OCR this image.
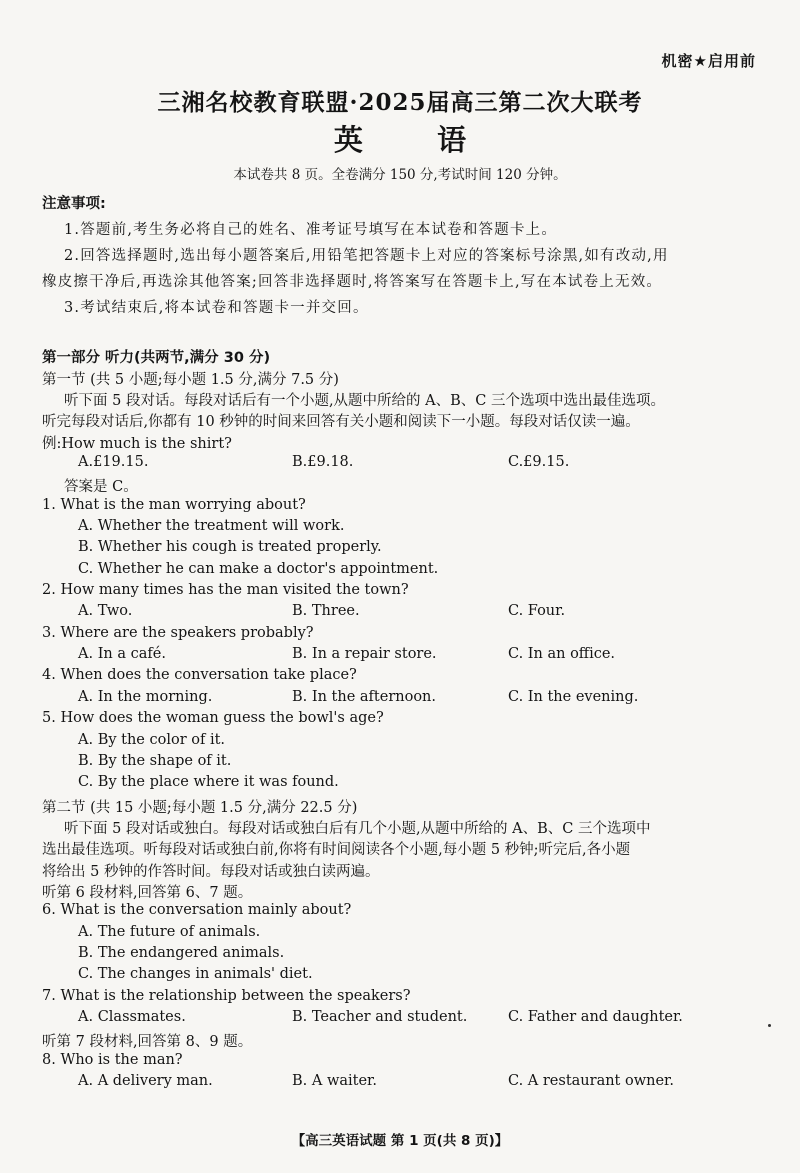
机密★启用前
三湘名校教育联盟·2025届高三第二次大联考
英  语
本试卷共 8 页。全卷满分 150 分,考试时间 120 分钟。
注意事项:
1.答题前,考生务必将自己的姓名、准考证号填写在本试卷和答题卡上。
2.回答选择题时,选出每小题答案后,用铅笔把答题卡上对应的答案标号涂黑,如有改动,用
橡皮擦干净后,再选涂其他答案;回答非选择题时,将答案写在答题卡上,写在本试卷上无效。
3.考试结束后,将本试卷和答题卡一并交回。
第一部分 听力(共两节,满分 30 分)
第一节 (共 5 小题;每小题 1.5 分,满分 7.5 分)
听下面 5 段对话。每段对话后有一个小题,从题中所给的 A、B、C 三个选项中选出最佳选项。
听完每段对话后,你都有 10 秒钟的时间来回答有关小题和阅读下一小题。每段对话仅读一遍。
例:How much is the shirt?
A.£19.15.	B.£9.18.	C.£9.15.
答案是 C。
1. What is the man worrying about?
A. Whether the treatment will work.
B. Whether his cough is treated properly.
C. Whether he can make a doctor's appointment.
2. How many times has the man visited the town?
A. Two.	B. Three.	C. Four.
3. Where are the speakers probably?
A. In a café.	B. In a repair store.	C. In an office.
4. When does the conversation take place?
A. In the morning.	B. In the afternoon.	C. In the evening.
5. How does the woman guess the bowl's age?
A. By the color of it.
B. By the shape of it.
C. By the place where it was found.
第二节 (共 15 小题;每小题 1.5 分,满分 22.5 分)
听下面 5 段对话或独白。每段对话或独白后有几个小题,从题中所给的 A、B、C 三个选项中
选出最佳选项。听每段对话或独白前,你将有时间阅读各个小题,每小题 5 秒钟;听完后,各小题
将给出 5 秒钟的作答时间。每段对话或独白读两遍。
听第 6 段材料,回答第 6、7 题。
6. What is the conversation mainly about?
A. The future of animals.
B. The endangered animals.
C. The changes in animals' diet.
7. What is the relationship between the speakers?
A. Classmates.	B. Teacher and student.	C. Father and daughter.
听第 7 段材料,回答第 8、9 题。
8. Who is the man?
A. A delivery man.	B. A waiter.	C. A restaurant owner.
【高三英语试题 第 1 页(共 8 页)】
